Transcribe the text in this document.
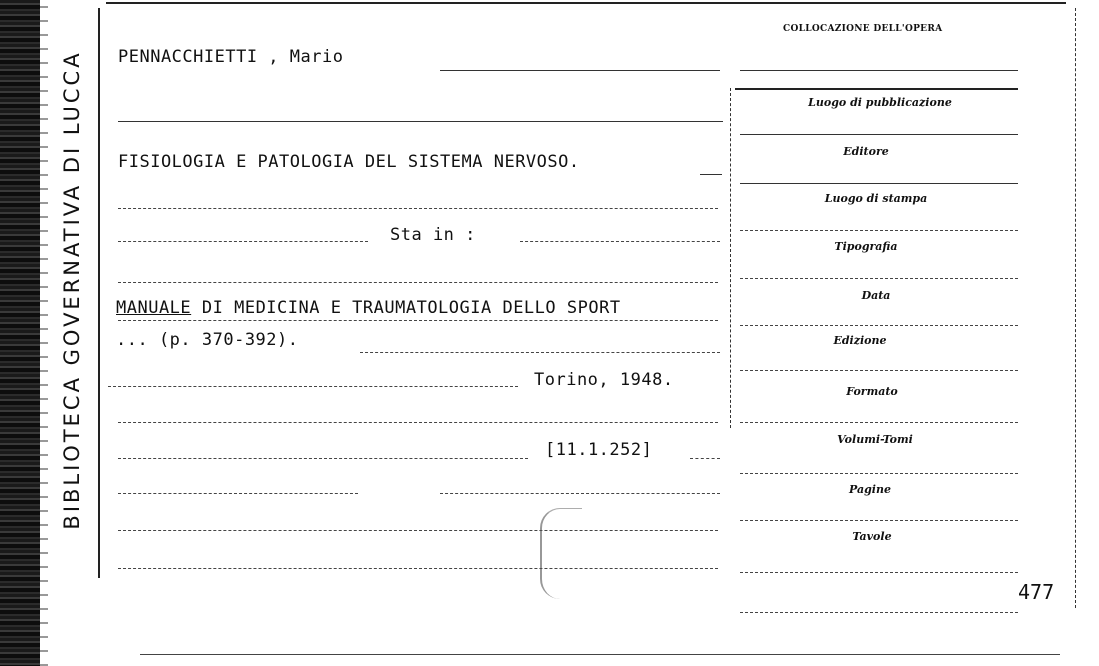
BIBLIOTECA GOVERNATIVA DI LUCCA	PENNACCHIETTI , Mario
FISIOLOGIA E PATOLOGIA DEL SISTEMA NERVOSO.
Sta in :
MANUALE DI MEDICINA E TRAUMATOLOGIA DELLO SPORT
... (p. 370-392).
Torino, 1948.
[11.1.252]
COLLOCAZIONE DELL'OPERA
Luogo di pubblicazione
Editore
Luogo di stampa
Tipografia
Data
Edizione
Formato
Volumi-Tomi
Pagine
Tavole
477
